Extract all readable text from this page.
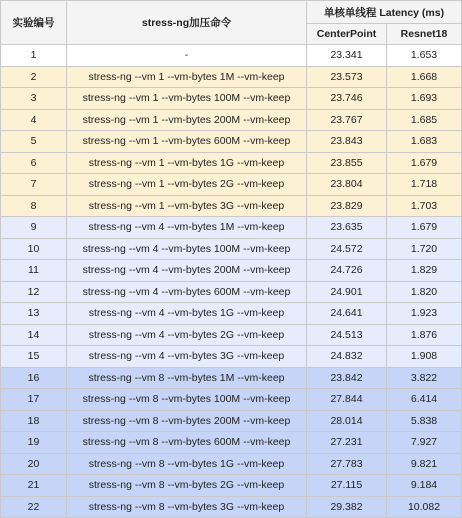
实验编号	stress-ng加压命令	单核单线程 Latency (ms)	
		CenterPoint	Resnet18
1	-	23.341	1.653
2	stress-ng --vm 1 --vm-bytes 1M --vm-keep	23.573	1.668
3	stress-ng --vm 1 --vm-bytes 100M --vm-keep	23.746	1.693
4	stress-ng --vm 1 --vm-bytes 200M --vm-keep	23.767	1.685
5	stress-ng --vm 1 --vm-bytes 600M --vm-keep	23.843	1.683
6	stress-ng --vm 1 --vm-bytes 1G --vm-keep	23.855	1.679
7	stress-ng --vm 1 --vm-bytes 2G --vm-keep	23.804	1.718
8	stress-ng --vm 1 --vm-bytes 3G --vm-keep	23.829	1.703
9	stress-ng --vm 4 --vm-bytes 1M --vm-keep	23.635	1.679
10	stress-ng --vm 4 --vm-bytes 100M --vm-keep	24.572	1.720
11	stress-ng --vm 4 --vm-bytes 200M --vm-keep	24.726	1.829
12	stress-ng --vm 4 --vm-bytes 600M --vm-keep	24.901	1.820
13	stress-ng --vm 4 --vm-bytes 1G --vm-keep	24.641	1.923
14	stress-ng --vm 4 --vm-bytes 2G --vm-keep	24.513	1.876
15	stress-ng --vm 4 --vm-bytes 3G --vm-keep	24.832	1.908
16	stress-ng --vm 8 --vm-bytes 1M --vm-keep	23.842	3.822
17	stress-ng --vm 8 --vm-bytes 100M --vm-keep	27.844	6.414
18	stress-ng --vm 8 --vm-bytes 200M --vm-keep	28.014	5.838
19	stress-ng --vm 8 --vm-bytes 600M --vm-keep	27.231	7.927
20	stress-ng --vm 8 --vm-bytes 1G --vm-keep	27.783	9.821
21	stress-ng --vm 8 --vm-bytes 2G --vm-keep	27.115	9.184
22	stress-ng --vm 8 --vm-bytes 3G --vm-keep	29.382	10.082
